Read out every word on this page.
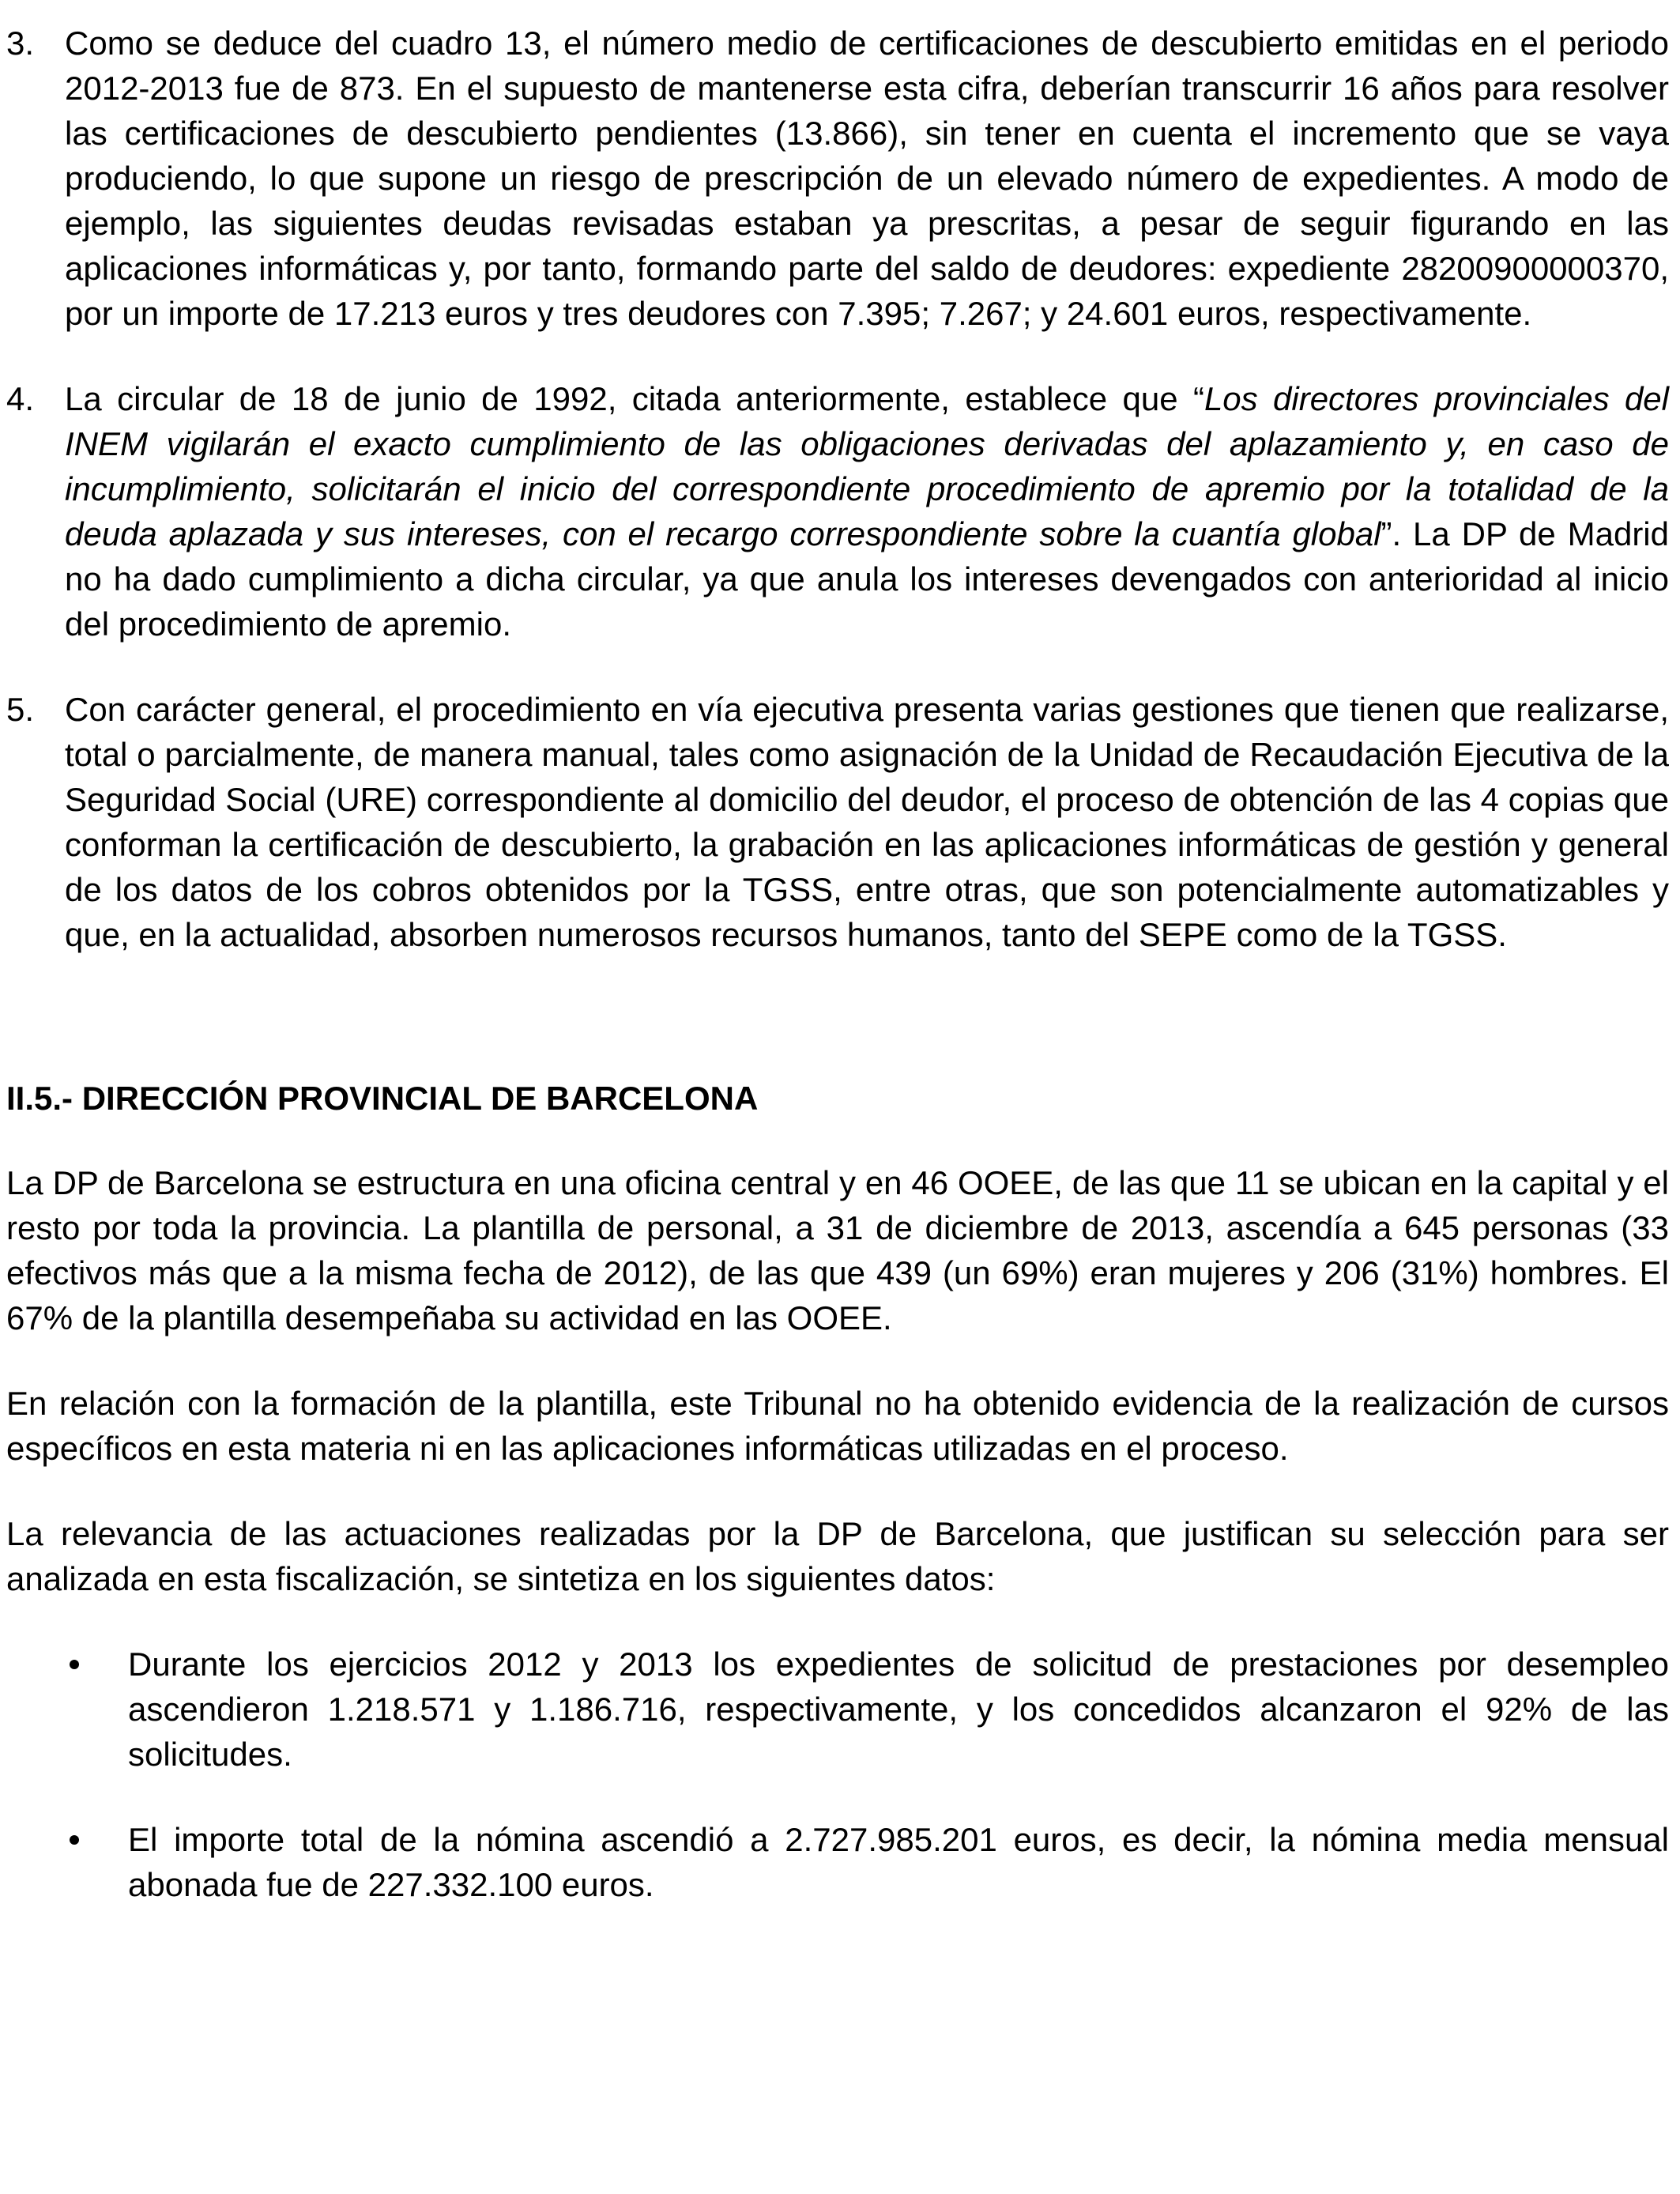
3. Como se deduce del cuadro 13, el número medio de certificaciones de descubierto emitidas en el periodo 2012-2013 fue de 873. En el supuesto de mantenerse esta cifra, deberían transcurrir 16 años para resolver las certificaciones de descubierto pendientes (13.866), sin tener en cuenta el incremento que se vaya produciendo, lo que supone un riesgo de prescripción de un elevado número de expedientes. A modo de ejemplo, las siguientes deudas revisadas estaban ya prescritas, a pesar de seguir figurando en las aplicaciones informáticas y, por tanto, formando parte del saldo de deudores: expediente 28200900000370, por un importe de 17.213 euros y tres deudores con 7.395; 7.267; y 24.601 euros, respectivamente.
4. La circular de 18 de junio de 1992, citada anteriormente, establece que “Los directores provinciales del INEM vigilarán el exacto cumplimiento de las obligaciones derivadas del aplazamiento y, en caso de incumplimiento, solicitarán el inicio del correspondiente procedimiento de apremio por la totalidad de la deuda aplazada y sus intereses, con el recargo correspondiente sobre la cuantía global”. La DP de Madrid no ha dado cumplimiento a dicha circular, ya que anula los intereses devengados con anterioridad al inicio del procedimiento de apremio.
5. Con carácter general, el procedimiento en vía ejecutiva presenta varias gestiones que tienen que realizarse, total o parcialmente, de manera manual, tales como asignación de la Unidad de Recaudación Ejecutiva de la Seguridad Social (URE) correspondiente al domicilio del deudor, el proceso de obtención de las 4 copias que conforman la certificación de descubierto, la grabación en las aplicaciones informáticas de gestión y general de los datos de los cobros obtenidos por la TGSS, entre otras, que son potencialmente automatizables y que, en la actualidad, absorben numerosos recursos humanos, tanto del SEPE como de la TGSS.
II.5.- DIRECCIÓN PROVINCIAL DE BARCELONA

La DP de Barcelona se estructura en una oficina central y en 46 OOEE, de las que 11 se ubican en la capital y el resto por toda la provincia. La plantilla de personal, a 31 de diciembre de 2013, ascendía a 645 personas (33 efectivos más que a la misma fecha de 2012), de las que 439 (un 69%) eran mujeres y 206 (31%) hombres. El 67% de la plantilla desempeñaba su actividad en las OOEE.

En relación con la formación de la plantilla, este Tribunal no ha obtenido evidencia de la realización de cursos específicos en esta materia ni en las aplicaciones informáticas utilizadas en el proceso.

La relevancia de las actuaciones realizadas por la DP de Barcelona, que justifican su selección para ser analizada en esta fiscalización, se sintetiza en los siguientes datos:

Durante los ejercicios 2012 y 2013 los expedientes de solicitud de prestaciones por desempleo ascendieron 1.218.571 y 1.186.716, respectivamente, y los concedidos alcanzaron el 92% de las solicitudes.
El importe total de la nómina ascendió a 2.727.985.201 euros, es decir, la nómina media mensual abonada fue de 227.332.100 euros.
